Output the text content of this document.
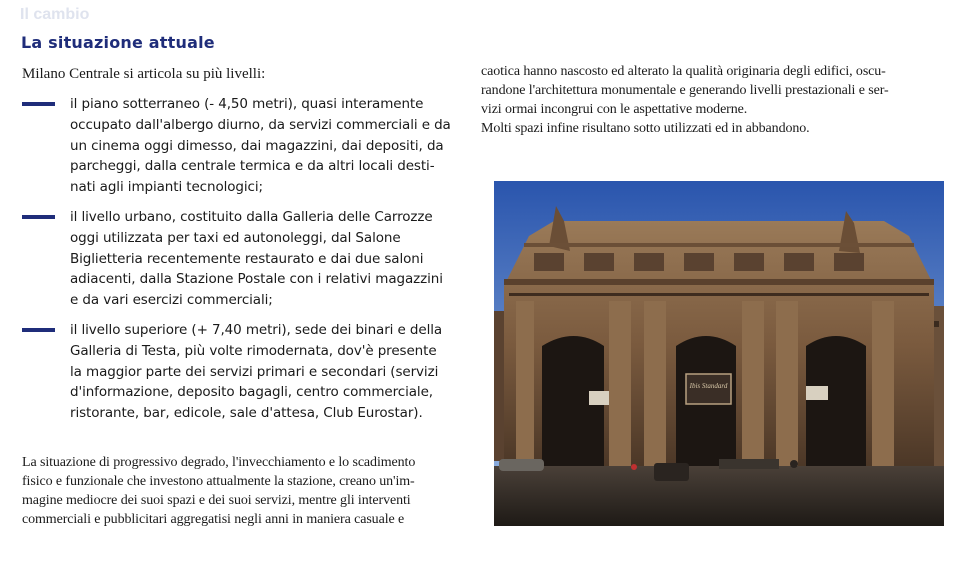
Il cambio
La situazione attuale
Milano Centrale si articola su più livelli:
il piano sotterraneo (- 4,50 metri), quasi interamente
occupato dall'albergo diurno, da servizi commerciali e da
un cinema oggi dimesso, dai magazzini, dai depositi, da
parcheggi, dalla centrale termica e da altri locali desti-
nati agli impianti tecnologici;
il livello urbano, costituito dalla Galleria delle Carrozze
oggi utilizzata per taxi ed autonoleggi, dal Salone
Biglietteria recentemente restaurato e dai due saloni
adiacenti, dalla Stazione Postale con i relativi magazzini
e da vari esercizi commerciali;
il livello superiore (+ 7,40 metri), sede dei binari e della
Galleria di Testa, più volte rimodernata, dov'è presente
la maggior parte dei servizi primari e secondari (servizi
d'informazione, deposito bagagli, centro commerciale,
ristorante, bar, edicole, sale d'attesa, Club Eurostar).
La situazione di progressivo degrado, l'invecchiamento e lo scadimento
fisico e funzionale che investono attualmente la stazione, creano un'im-
magine mediocre dei suoi spazi e dei suoi servizi, mentre gli interventi
commerciali e pubblicitari aggregatisi negli anni in maniera casuale e
caotica hanno nascosto ed alterato la qualità originaria degli edifici, oscu-
randone l'architettura monumentale e generando livelli prestazionali e ser-
vizi ormai incongrui con le aspettative moderne.
Molti spazi infine risultano sotto utilizzati ed in abbandono.
Ibis Standard
